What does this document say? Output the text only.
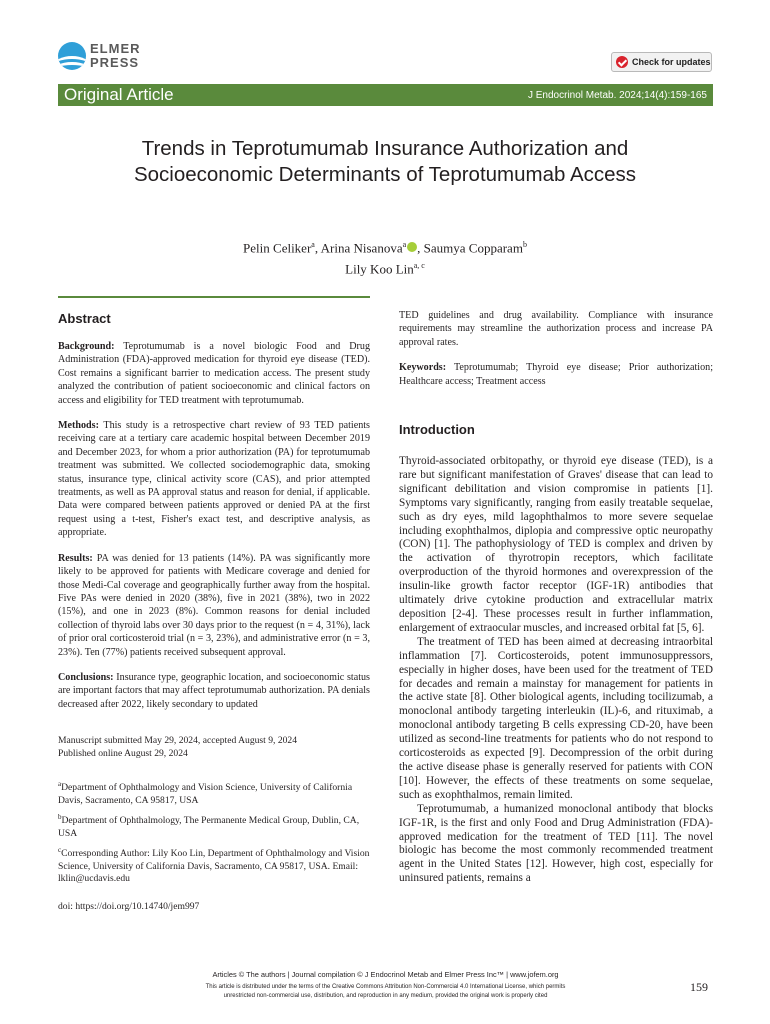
ELMER
PRESS	Check for updates
Original Article	J Endocrinol Metab. 2024;14(4):159-165
Trends in Teprotumumab Insurance Authorization and Socioeconomic Determinants of Teprotumumab Access
Pelin Celiker$^a$, Arina Nisanova$^a$ , Saumya Copparam$^b$
Lily Koo Lin$^{a, c}$
Abstract

Background: Teprotumumab is a novel biologic Food and Drug Administration (FDA)-approved medication for thyroid eye disease (TED). Cost remains a significant barrier to medication access. The present study analyzed the contribution of patient socioeconomic and clinical factors on access and eligibility for TED treatment with teprotumumab.

Methods: This study is a retrospective chart review of 93 TED patients receiving care at a tertiary care academic hospital between December 2019 and December 2023, for whom a prior authorization (PA) for teprotumumab treatment was submitted. We collected sociodemographic data, smoking status, insurance type, clinical activity score (CAS), and prior attempted treatments, as well as PA approval status and reason for denial, if applicable. Data were compared between patients approved or denied PA at the first request using a t-test, Fisher's exact test, and descriptive analysis, as appropriate.

Results: PA was denied for 13 patients (14%). PA was significantly more likely to be approved for patients with Medicare coverage and denied for those Medi-Cal coverage and geographically further away from the hospital. Five PAs were denied in 2020 (38%), five in 2021 (38%), two in 2022 (15%), and one in 2023 (8%). Common reasons for denial included collection of thyroid labs over 30 days prior to the request (n = 4, 31%), lack of prior oral corticosteroid trial (n = 3, 23%), and administrative error (n = 3, 23%). Ten (77%) patients received subsequent approval.

Conclusions: Insurance type, geographic location, and socioeconomic status are important factors that may affect teprotumumab authorization. PA denials decreased after 2022, likely secondary to updated

Manuscript submitted May 29, 2024, accepted August 9, 2024
Published online August 29, 2024
$^a$Department of Ophthalmology and Vision Science, University of California Davis, Sacramento, CA 95817, USA
$^b$Department of Ophthalmology, The Permanente Medical Group, Dublin, CA, USA
$^c$Corresponding Author: Lily Koo Lin, Department of Ophthalmology and Vision Science, University of California Davis, Sacramento, CA 95817, USA. Email: lklin@ucdavis.edu
doi: https://doi.org/10.14740/jem997

TED guidelines and drug availability. Compliance with insurance requirements may streamline the authorization process and increase PA approval rates.

Keywords: Teprotumumab; Thyroid eye disease; Prior authorization; Healthcare access; Treatment access

Introduction

Thyroid-associated orbitopathy, or thyroid eye disease (TED), is a rare but significant manifestation of Graves' disease that can lead to significant debilitation and vision compromise in patients [1]. Symptoms vary significantly, ranging from easily treatable sequelae, such as dry eyes, mild lagophthalmos to more severe sequelae including exophthalmos, diplopia and compressive optic neuropathy (CON) [1]. The pathophysiology of TED is complex and driven by the activation of thyrotropin receptors, which facilitate overproduction of the thyroid hormones and overexpression of the insulin-like growth factor receptor (IGF-1R) antibodies that ultimately drive cytokine production and extracellular matrix deposition [2-4]. These processes result in further inflammation, enlargement of extraocular muscles, and increased orbital fat [5, 6].

The treatment of TED has been aimed at decreasing intraorbital inflammation [7]. Corticosteroids, potent immunosuppressors, especially in higher doses, have been used for the treatment of TED for decades and remain a mainstay for management for patients in the active state [8]. Other biological agents, including tocilizumab, a monoclonal antibody targeting interleukin (IL)-6, and rituximab, a monoclonal antibody targeting B cells expressing CD-20, have been utilized as second-line treatments for patients who do not respond to corticosteroids as expected [9]. Decompression of the orbit during the active disease phase is generally reserved for patients with CON [10]. However, the effects of these treatments on some sequelae, such as exophthalmos, remain limited.

Teprotumumab, a humanized monoclonal antibody that blocks IGF-1R, is the first and only Food and Drug Administration (FDA)-approved medication for the treatment of TED [11]. The novel biologic has become the most commonly recommended treatment agent in the United States [12]. However, high cost, especially for uninsured patients, remains a

Articles © The authors | Journal compilation © J Endocrinol Metab and Elmer Press Inc™ | www.jofem.org
This article is distributed under the terms of the Creative Commons Attribution Non-Commercial 4.0 International License, which permits
unrestricted non-commercial use, distribution, and reproduction in any medium, provided the original work is properly cited
159
